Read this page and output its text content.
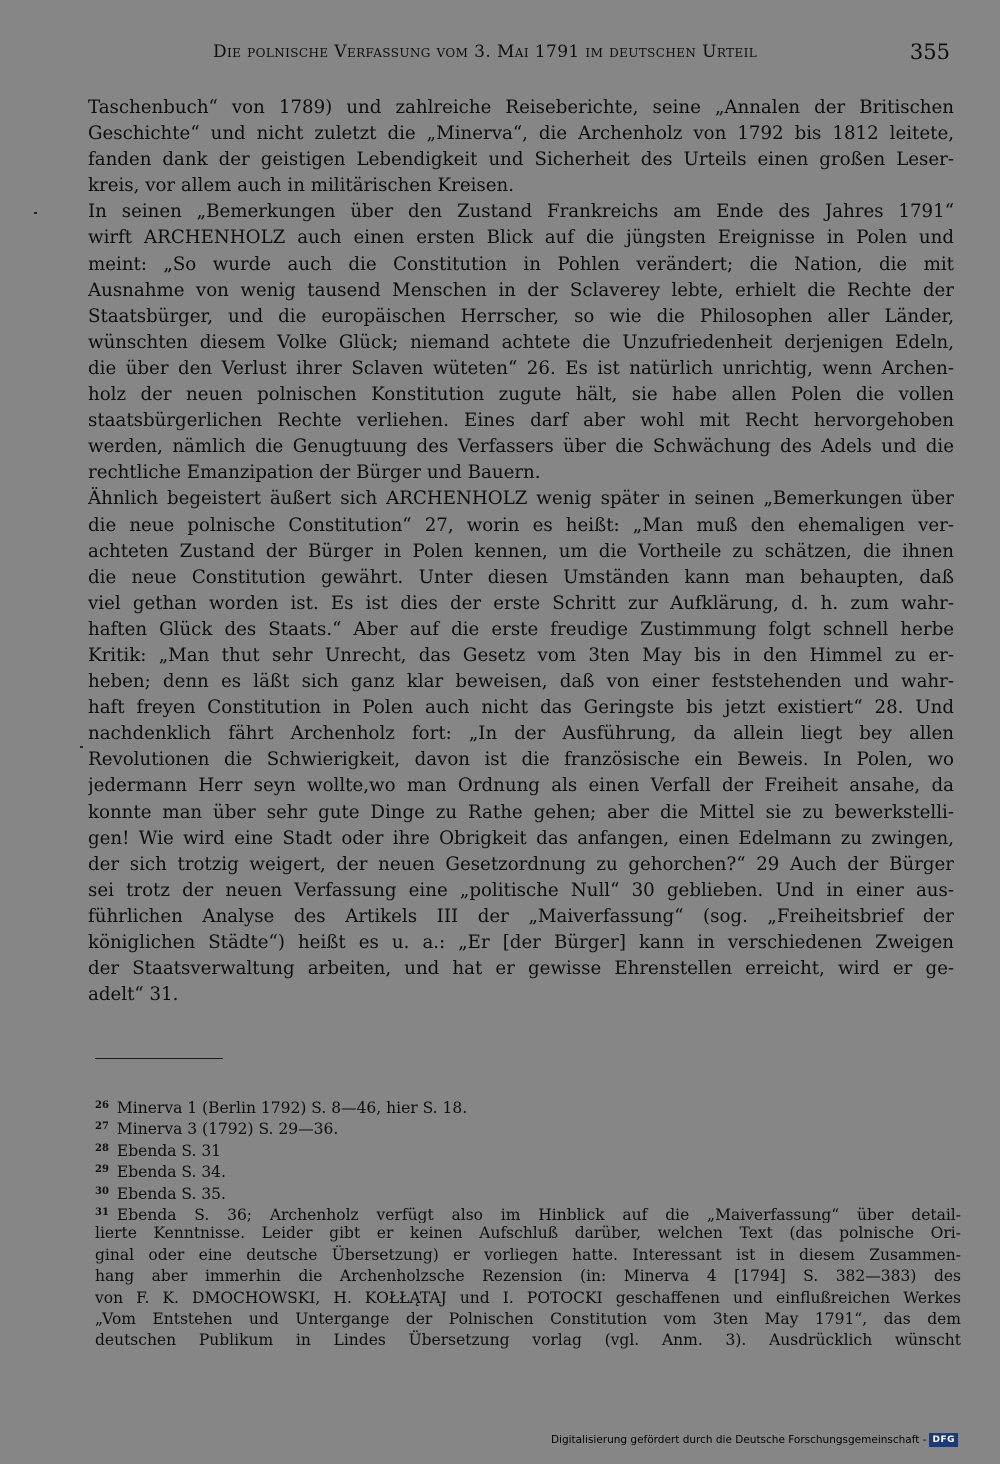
Die polnische Verfassung vom 3. Mai 1791 im deutschen Urteil	355
Taschenbuch“ von 1789) und zahlreiche Reiseberichte, seine „Annalen der Britischen
Geschichte“ und nicht zuletzt die „Minerva“, die Archenholz von 1792 bis 1812 leitete,
fanden dank der geistigen Lebendigkeit und Sicherheit des Urteils einen großen Leser-
kreis, vor allem auch in militärischen Kreisen.
In seinen „Bemerkungen über den Zustand Frankreichs am Ende des Jahres 1791“
wirft ARCHENHOLZ auch einen ersten Blick auf die jüngsten Ereignisse in Polen und
meint: „So wurde auch die Constitution in Pohlen verändert; die Nation, die mit
Ausnahme von wenig tausend Menschen in der Sclaverey lebte, erhielt die Rechte der
Staatsbürger, und die europäischen Herrscher, so wie die Philosophen aller Länder,
wünschten diesem Volke Glück; niemand achtete die Unzufriedenheit derjenigen Edeln,
die über den Verlust ihrer Sclaven wüteten“ 26. Es ist natürlich unrichtig, wenn Archen-
holz der neuen polnischen Konstitution zugute hält, sie habe allen Polen die vollen
staatsbürgerlichen Rechte verliehen. Eines darf aber wohl mit Recht hervorgehoben
werden, nämlich die Genugtuung des Verfassers über die Schwächung des Adels und die
rechtliche Emanzipation der Bürger und Bauern.
Ähnlich begeistert äußert sich ARCHENHOLZ wenig später in seinen „Bemerkungen über
die neue polnische Constitution“ 27, worin es heißt: „Man muß den ehemaligen ver-
achteten Zustand der Bürger in Polen kennen, um die Vortheile zu schätzen, die ihnen
die neue Constitution gewährt. Unter diesen Umständen kann man behaupten, daß
viel gethan worden ist. Es ist dies der erste Schritt zur Aufklärung, d. h. zum wahr-
haften Glück des Staats.“ Aber auf die erste freudige Zustimmung folgt schnell herbe
Kritik: „Man thut sehr Unrecht, das Gesetz vom 3ten May bis in den Himmel zu er-
heben; denn es läßt sich ganz klar beweisen, daß von einer feststehenden und wahr-
haft freyen Constitution in Polen auch nicht das Geringste bis jetzt existiert“ 28. Und
nachdenklich fährt Archenholz fort: „In der Ausführung, da allein liegt bey allen
Revolutionen die Schwierigkeit, davon ist die französische ein Beweis. In Polen, wo
jedermann Herr seyn wollte,wo man Ordnung als einen Verfall der Freiheit ansahe, da
konnte man über sehr gute Dinge zu Rathe gehen; aber die Mittel sie zu bewerkstelli-
gen! Wie wird eine Stadt oder ihre Obrigkeit das anfangen, einen Edelmann zu zwingen,
der sich trotzig weigert, der neuen Gesetzordnung zu gehorchen?“ 29 Auch der Bürger
sei trotz der neuen Verfassung eine „politische Null“ 30 geblieben. Und in einer aus-
führlichen Analyse des Artikels III der „Maiverfassung“ (sog. „Freiheitsbrief der
königlichen Städte“) heißt es u. a.: „Er [der Bürger] kann in verschiedenen Zweigen
der Staatsverwaltung arbeiten, und hat er gewisse Ehrenstellen erreicht, wird er ge-
adelt“ 31.
$^{26}$ Minerva 1 (Berlin 1792) S. 8—46, hier S. 18.
$^{27}$ Minerva 3 (1792) S. 29—36.
$^{28}$ Ebenda S. 31
$^{29}$ Ebenda S. 34.
$^{30}$ Ebenda S. 35.
$^{31}$ Ebenda S. 36; Archenholz verfügt also im Hinblick auf die „Maiverfassung“ über detail-
lierte Kenntnisse. Leider gibt er keinen Aufschluß darüber, welchen Text (das polnische Ori-
ginal oder eine deutsche Übersetzung) er vorliegen hatte. Interessant ist in diesem Zusammen-
hang aber immerhin die Archenholzsche Rezension (in: Minerva 4 [1794] S. 382—383) des
von F. K. DMOCHOWSKI, H. KOŁŁĄTAJ und I. POTOCKI geschaffenen und einflußreichen Werkes
„Vom Entstehen und Untergange der Polnischen Constitution vom 3ten May 1791“, das dem
deutschen Publikum in Lindes Übersetzung vorlag (vgl. Anm. 3). Ausdrücklich wünscht
Digitalisierung gefördert durch die Deutsche Forschungsgemeinschaft - DFG
